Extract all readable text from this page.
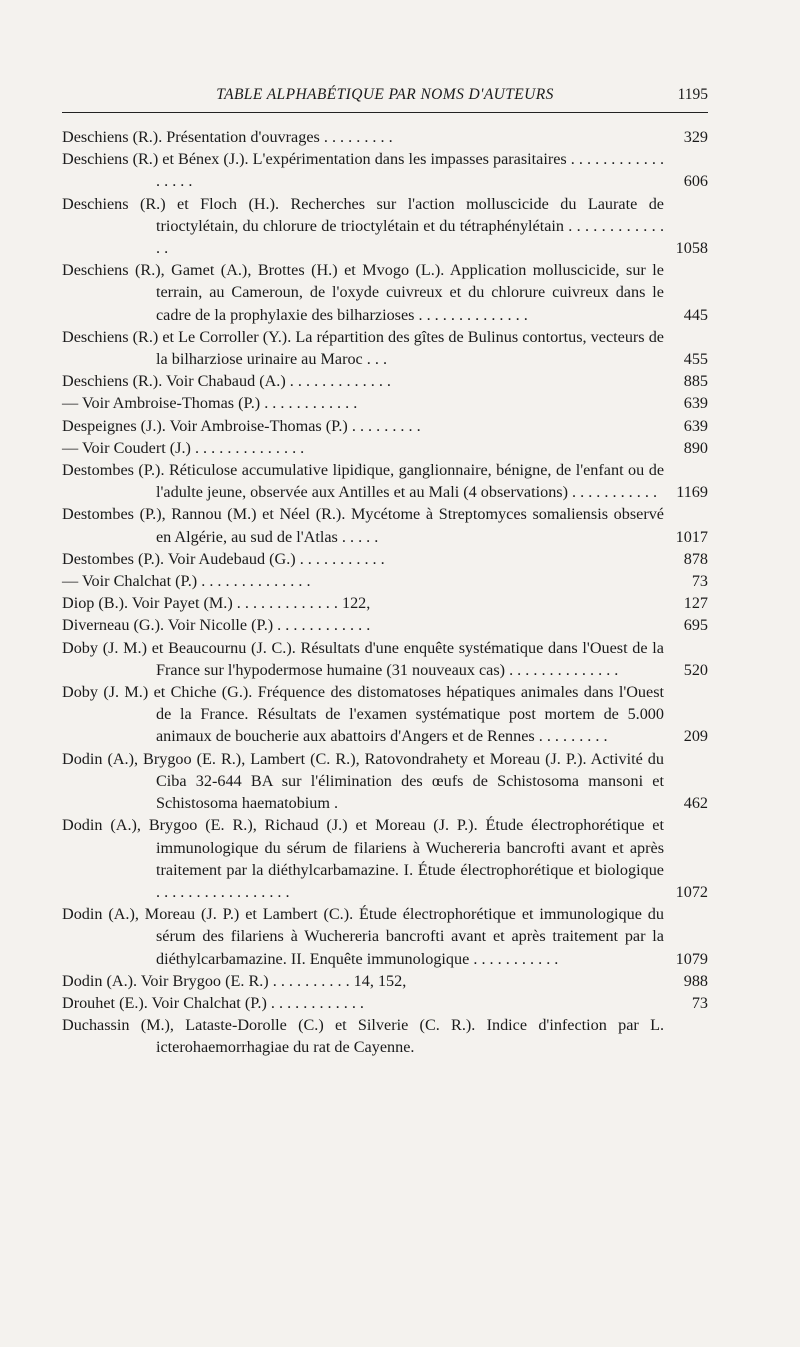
TABLE ALPHABÉTIQUE PAR NOMS D'AUTEURS	1195
Deschiens (R.). Présentation d'ouvrages . . . . . . . . .	329
Deschiens (R.) et Bénex (J.). L'expérimentation dans les impasses parasitaires . . . . . . . . . . . . . . . . .	606
Deschiens (R.) et Floch (H.). Recherches sur l'action molluscicide du Laurate de trioctylétain, du chlorure de trioctylétain et du tétraphénylétain . . . . . . . . . . . . . .	1058
Deschiens (R.), Gamet (A.), Brottes (H.) et Mvogo (L.). Application molluscicide, sur le terrain, au Cameroun, de l'oxyde cuivreux et du chlorure cuivreux dans le cadre de la prophylaxie des bilharzioses . . . . . . . . . . . . . .	445
Deschiens (R.) et Le Corroller (Y.). La répartition des gîtes de Bulinus contortus, vecteurs de la bilharziose urinaire au Maroc . . .	455
Deschiens (R.). Voir Chabaud (A.) . . . . . . . . . . . . .	885
— Voir Ambroise-Thomas (P.) . . . . . . . . . . . .	639
Despeignes (J.). Voir Ambroise-Thomas (P.) . . . . . . . . .	639
— Voir Coudert (J.) . . . . . . . . . . . . . .	890
Destombes (P.). Réticulose accumulative lipidique, ganglionnaire, bénigne, de l'enfant ou de l'adulte jeune, observée aux Antilles et au Mali (4 observations) . . . . . . . . . . .	1169
Destombes (P.), Rannou (M.) et Néel (R.). Mycétome à Streptomyces somaliensis observé en Algérie, au sud de l'Atlas . . . . .	1017
Destombes (P.). Voir Audebaud (G.) . . . . . . . . . . .	878
— Voir Chalchat (P.) . . . . . . . . . . . . . .	73
Diop (B.). Voir Payet (M.) . . . . . . . . . . . . . 122,	127
Diverneau (G.). Voir Nicolle (P.) . . . . . . . . . . . .	695
Doby (J. M.) et Beaucournu (J. C.). Résultats d'une enquête systématique dans l'Ouest de la France sur l'hypodermose humaine (31 nouveaux cas) . . . . . . . . . . . . . .	520
Doby (J. M.) et Chiche (G.). Fréquence des distomatoses hépatiques animales dans l'Ouest de la France. Résultats de l'examen systématique post mortem de 5.000 animaux de boucherie aux abattoirs d'Angers et de Rennes . . . . . . . . .	209
Dodin (A.), Brygoo (E. R.), Lambert (C. R.), Ratovondrahety et Moreau (J. P.). Activité du Ciba 32-644 BA sur l'élimination des œufs de Schistosoma mansoni et Schistosoma haematobium .	462
Dodin (A.), Brygoo (E. R.), Richaud (J.) et Moreau (J. P.). Étude électrophorétique et immunologique du sérum de filariens à Wuchereria bancrofti avant et après traitement par la diéthylcarbamazine. I. Étude électrophorétique et biologique . . . . . . . . . . . . . . . . .	1072
Dodin (A.), Moreau (J. P.) et Lambert (C.). Étude électrophorétique et immunologique du sérum des filariens à Wuchereria bancrofti avant et après traitement par la diéthylcarbamazine. II. Enquête immunologique . . . . . . . . . . .	1079
Dodin (A.). Voir Brygoo (E. R.) . . . . . . . . . . 14, 152,	988
Drouhet (E.). Voir Chalchat (P.) . . . . . . . . . . . .	73
Duchassin (M.), Lataste-Dorolle (C.) et Silverie (C. R.). Indice d'infection par L. icterohaemorrhagiae du rat de Cayenne.
